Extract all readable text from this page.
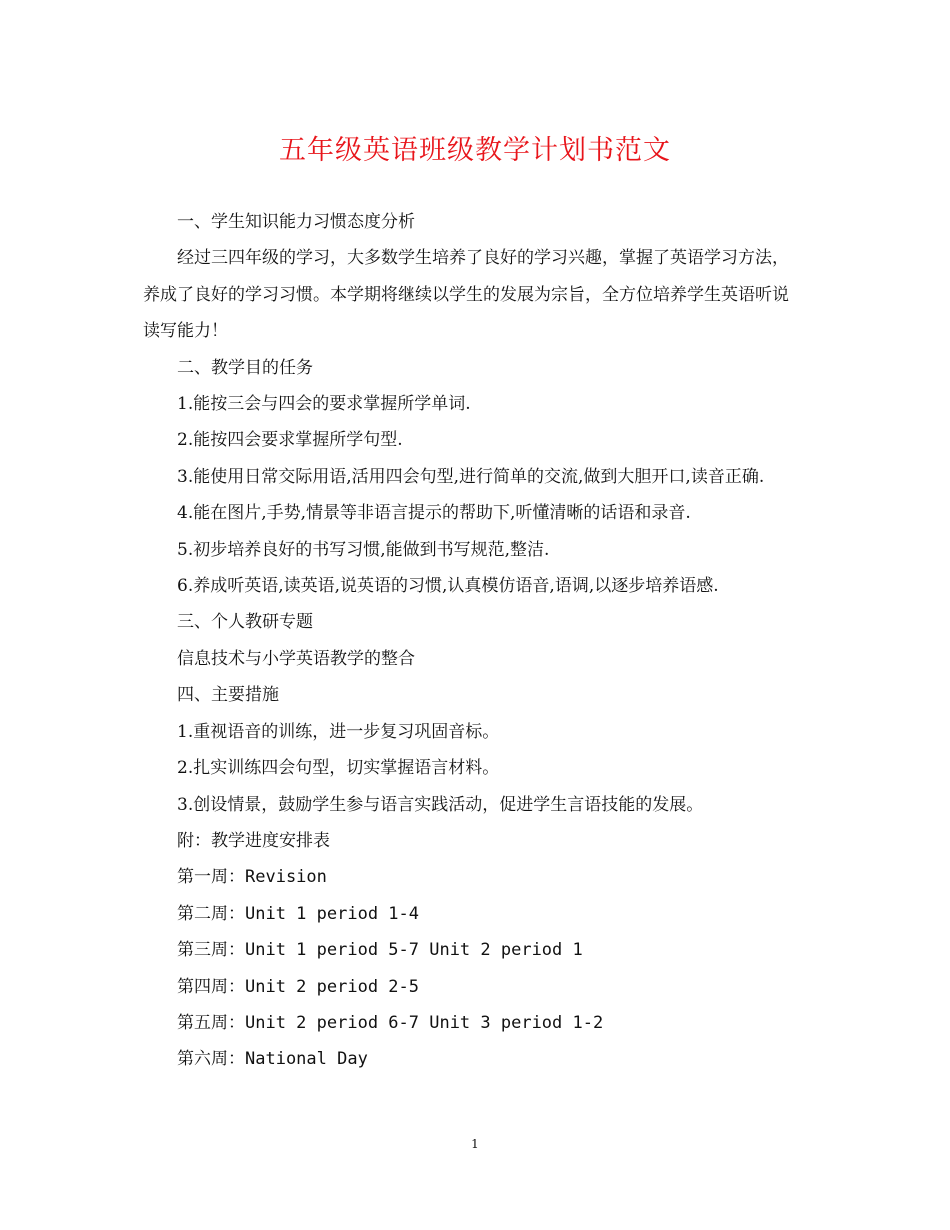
五年级英语班级教学计划书范文

一、学生知识能力习惯态度分析

经过三四年级的学习，大多数学生培养了良好的学习兴趣，掌握了英语学习方法，养成了良好的学习习惯。本学期将继续以学生的发展为宗旨，全方位培养学生英语听说读写能力！

二、教学目的任务

1.能按三会与四会的要求掌握所学单词.

2.能按四会要求掌握所学句型.

3.能使用日常交际用语,活用四会句型,进行简单的交流,做到大胆开口,读音正确.

4.能在图片,手势,情景等非语言提示的帮助下,听懂清晰的话语和录音.

5.初步培养良好的书写习惯,能做到书写规范,整洁.

6.养成听英语,读英语,说英语的习惯,认真模仿语音,语调,以逐步培养语感.

三、个人教研专题

信息技术与小学英语教学的整合

四、主要措施

1.重视语音的训练，进一步复习巩固音标。

2.扎实训练四会句型，切实掌握语言材料。

3.创设情景，鼓励学生参与语言实践活动，促进学生言语技能的发展。

附：教学进度安排表

第一周：Revision

第二周：Unit 1 period 1-4

第三周：Unit 1 period 5-7 Unit 2 period 1

第四周：Unit 2 period 2-5

第五周：Unit 2 period 6-7 Unit 3 period 1-2

第六周：National Day

1
